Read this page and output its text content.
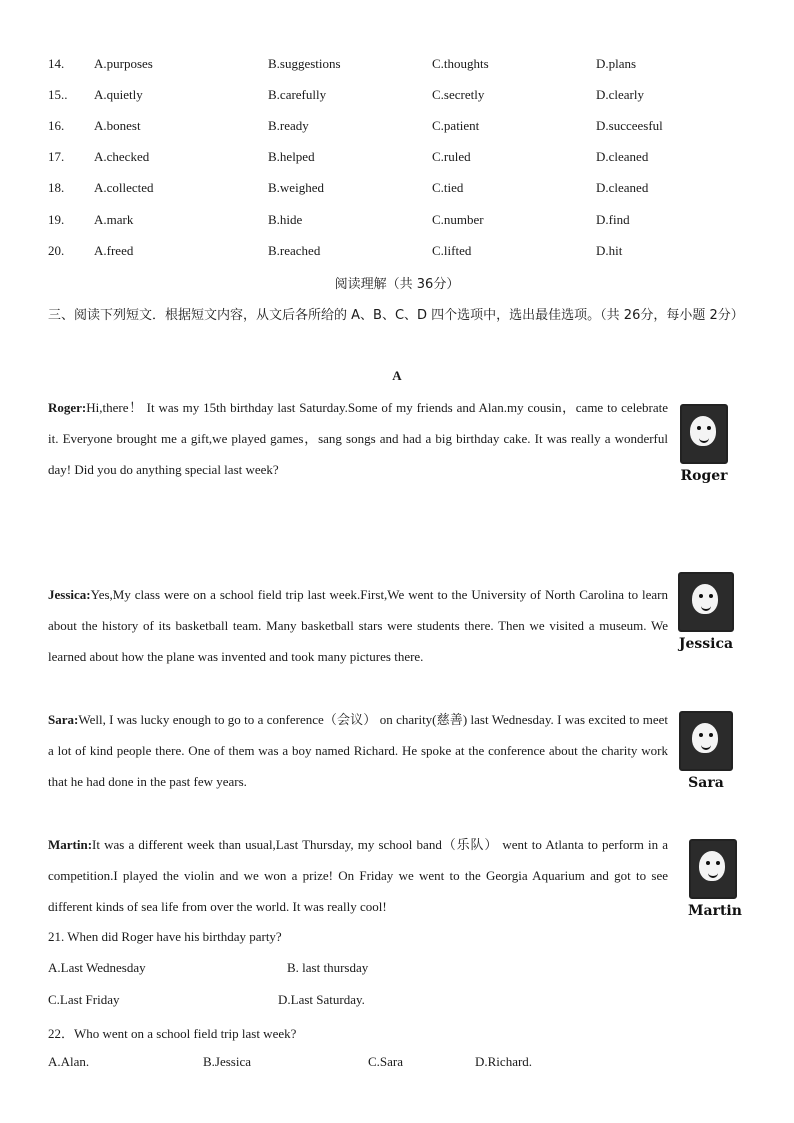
14. A.purposes	B.suggestions	C.thoughts	D.plans
15.. A.quietly	B.carefully	C.secretly	D.clearly
16. A.bonest	B.ready	C.patient	D.succeesful
17. A.checked	B.helped	C.ruled	D.cleaned
18. A.collected	B.weighed	C.tied	D.cleaned
19. A.mark	B.hide	C.number	D.find
20. A.freed	B.reached	C.lifted	D.hit
阅读理解（共 36分）
三、阅读下列短文．根据短文内容，从文后各所给的 A、B、C、D 四个选项中，选出最佳选项。（共 26分，每小题 2分）
A
Roger:Hi,there！ It was my 15th birthday last Saturday.Some of my friends and Alan.my cousin，came to celebrate it. Everyone brought me a gift,we played games，sang songs and had a big birthday cake. It was really a wonderful day! Did you do anything special last week?	Roger
Jessica:Yes,My class were on a school field trip last week.First,We went to the University of North Carolina to learn about the history of its basketball team. Many basketball stars were students there. Then we visited a museum. We learned about how the plane was invented and took many pictures there.
Jessica
Sara:Well, I was lucky enough to go to a conference（会议） on charity(慈善) last Wednesday. I was excited to meet a lot of kind people there. One of them was a boy named Richard. He spoke at the conference about the charity work that he had done in the past few years.	Sara
Martin:It was a different week than usual,Last Thursday, my school band（乐队） went to Atlanta to perform in a competition.I played the violin and we won a prize! On Friday we went to the Georgia Aquarium and got to see different kinds of sea life from over the world. It was really cool!	Martin
21. When did Roger have his birthday party?
A.Last Wednesday	B. last thursday
C.Last Friday	D.Last Saturday.
22．Who went on a school field trip last week?
A.Alan.	B.Jessica	C.Sara	D.Richard.
